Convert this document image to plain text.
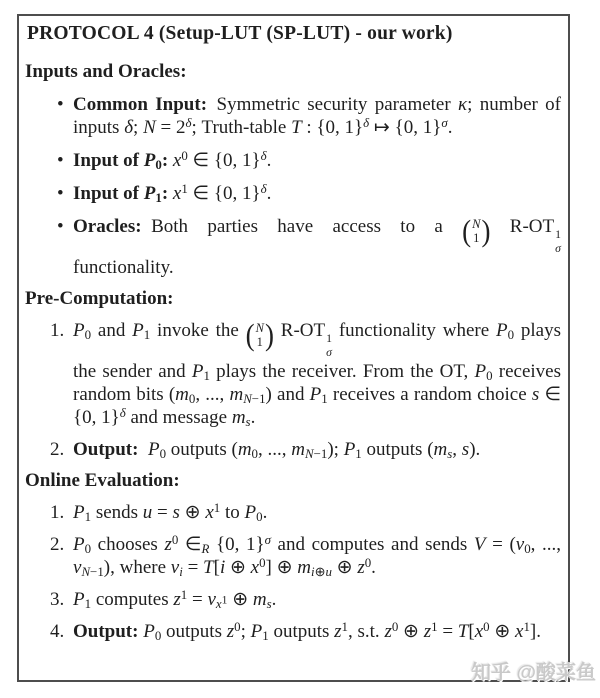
PROTOCOL 4 (Setup-LUT (SP-LUT) - our work)
Inputs and Oracles:
• Common Input: Symmetric security parameter κ; number of inputs δ; $N = 2^\delta$; Truth-table T : {0, 1}$^\delta$ ↦ {0, 1}$^\sigma$.
• Input of $P_0$: $x^0$ ∈ {0, 1}$^\delta$.
• Input of $P_1$: $x^1$ ∈ {0, 1}$^\delta$.
• Oracles: Both parties have access to a ( N
1 ) R-OT 1
σ
functionality.
Pre-Computation:
1. $P_0$ and $P_1$ invoke the ( N
1 ) R-OT 1
σ
functionality where $P_0$ plays the sender and $P_1$ plays the receiver. From the OT, $P_0$ receives random bits ($m_0$, ..., $m_{N-1}$) and $P_1$ receives a random choice s ∈ {0, 1}$^\delta$ and message $m_s$.
2. Output:  $P_0$ outputs ($m_0$, ..., $m_{N-1}$); $P_1$ outputs ($m_s$, s).
Online Evaluation:
1. $P_1$ sends u = s ⊕ $x^1$ to $P_0$.
2. $P_0$ chooses $z^0$ $\in_R$ {0, 1}$^\sigma$ and computes and sends $V = (v_0$, ..., $v_{N-1}$), where $v_i = T[i$ ⊕ $x^0$] ⊕ $m_{i\oplus u}$ ⊕ $z^0$.
3. $P_1$ computes $z^1 = v_{x^1}$ ⊕ $m_s$.
4. Output: $P_0$ outputs $z^0$; $P_1$ outputs $z^1$, s.t. $z^0$ ⊕ $z^1 = T[x^0$ ⊕ $x^1$].
知乎 @酸菜鱼
